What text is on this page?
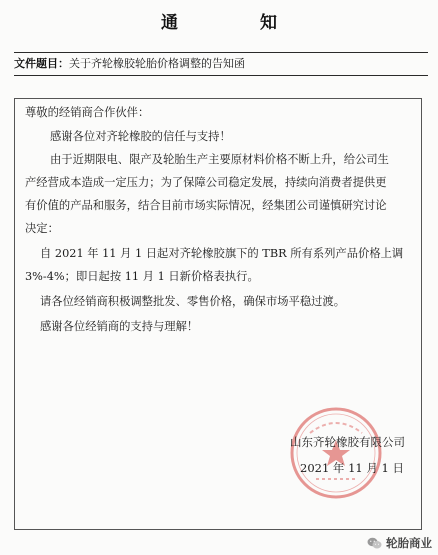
通 知
文件题目：关于齐轮橡胶轮胎价格调整的告知函
尊敬的经销商合作伙伴：
感谢各位对齐轮橡胶的信任与支持！
由于近期限电、限产及轮胎生产主要原材料价格不断上升，给公司生
产经营成本造成一定压力；为了保障公司稳定发展，持续向消费者提供更
有价值的产品和服务，结合目前市场实际情况，经集团公司谨慎研究讨论
决定：
自 2021 年 11 月 1 日起对齐轮橡胶旗下的 TBR 所有系列产品价格上调
3%-4%；即日起按 11 月 1 日新价格表执行。
请各位经销商积极调整批发、零售价格，确保市场平稳过渡。
感谢各位经销商的支持与理解！
山东齐轮橡胶有限公司
2021 年 11 月 1 日
轮胎商业
